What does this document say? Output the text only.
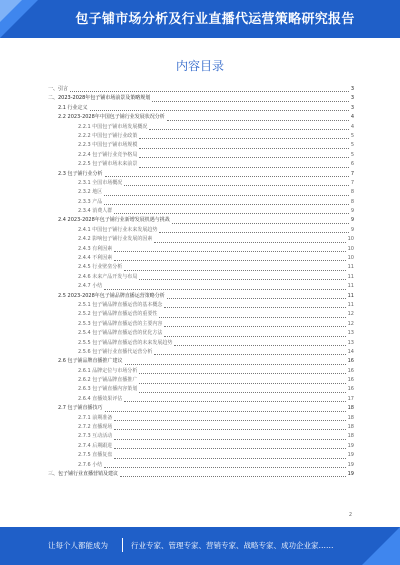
包子铺市场分析及行业直播代运营策略研究报告
内容目录
一、引言	3
二、2023-2028年包子铺市场前景及策略规划	3
2.1 行业定义	3
2.2 2023-2028年中国包子铺行业发展状况分析	4
2.2.1 中国包子铺市场发展概况	4
2.2.2 中国包子铺行业政策	5
2.2.3 中国包子铺市场规模	5
2.2.4 包子铺行业竞争格局	5
2.2.5 包子铺市场未来前景	6
2.3 包子铺行业分析	7
2.3.1 全国市场概况	7
2.3.2 地区	8
2.3.3 产品	8
2.3.4 消费人群	9
2.4 2023-2028年包子铺行业新增发展机遇与挑战	9
2.4.1 中国包子铺行业未来发展趋势	9
2.4.2 影响包子铺行业发展的因素	10
2.4.3 有利因素	10
2.4.4 不利因素	10
2.4.5 行业壁垒分析	11
2.4.6 未来产品开发与布局	11
2.4.7 小结	11
2.5 2023-2028年包子铺品牌直播运营策略分析	11
2.5.1 包子铺品牌直播运营的基本概念	11
2.5.2 包子铺品牌直播运营的重要性	12
2.5.3 包子铺品牌直播运营的主要内容	12
2.5.4 包子铺品牌直播运营的优化方法	13
2.5.5 包子铺品牌直播运营的未来发展趋势	13
2.5.6 包子铺行业直播代运营分析	14
2.6 包子铺品牌直播推广建议	16
2.6.1 品牌定位与市场分析	16
2.6.2 包子铺品牌直播推广	16
2.6.3 包子铺直播内容策划	16
2.6.4 直播效果评估	17
2.7 包子铺直播技巧	18
2.7.1 前期准备	18
2.7.2 直播现场	18
2.7.3 互动活动	18
2.7.4 后期跟进	19
2.7.5 直播复盘	19
2.7.6 小结	19
三、包子铺行业直播营销及建议	19
2
让每个人都能成为	行业专家、管理专家、营销专家、战略专家、成功企业家……
